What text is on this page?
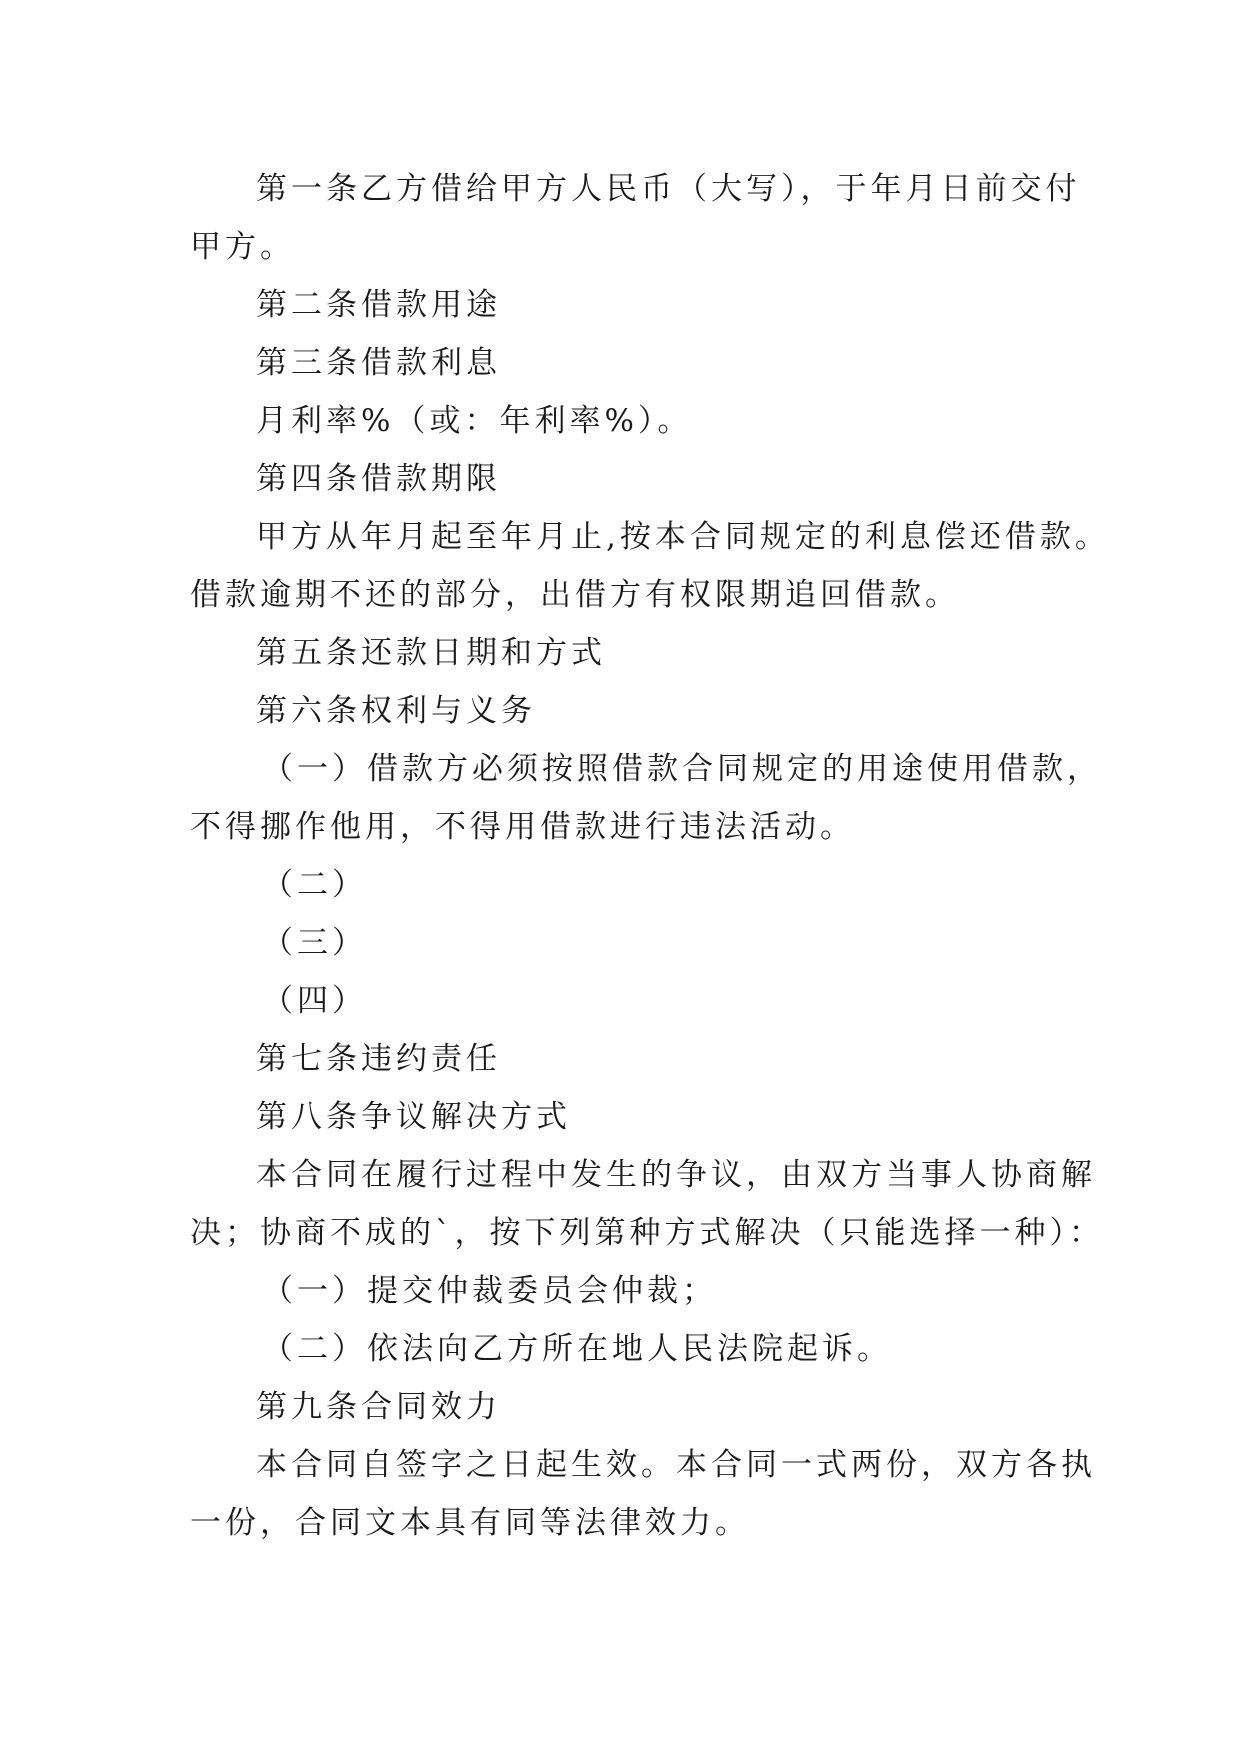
第一条乙方借给甲方人民币（大写），于年月日前交付
甲方。
第二条借款用途
第三条借款利息
月利率%（或：年利率%）。
第四条借款期限
甲方从年月起至年月止,按本合同规定的利息偿还借款。
借款逾期不还的部分，出借方有权限期追回借款。
第五条还款日期和方式
第六条权利与义务
（一）借款方必须按照借款合同规定的用途使用借款，
不得挪作他用，不得用借款进行违法活动。
（二）
（三）
（四）
第七条违约责任
第八条争议解决方式
本合同在履行过程中发生的争议，由双方当事人协商解
决；协商不成的`，按下列第种方式解决（只能选择一种）：
（一）提交仲裁委员会仲裁；
（二）依法向乙方所在地人民法院起诉。
第九条合同效力
本合同自签字之日起生效。本合同一式两份，双方各执
一份，合同文本具有同等法律效力。
